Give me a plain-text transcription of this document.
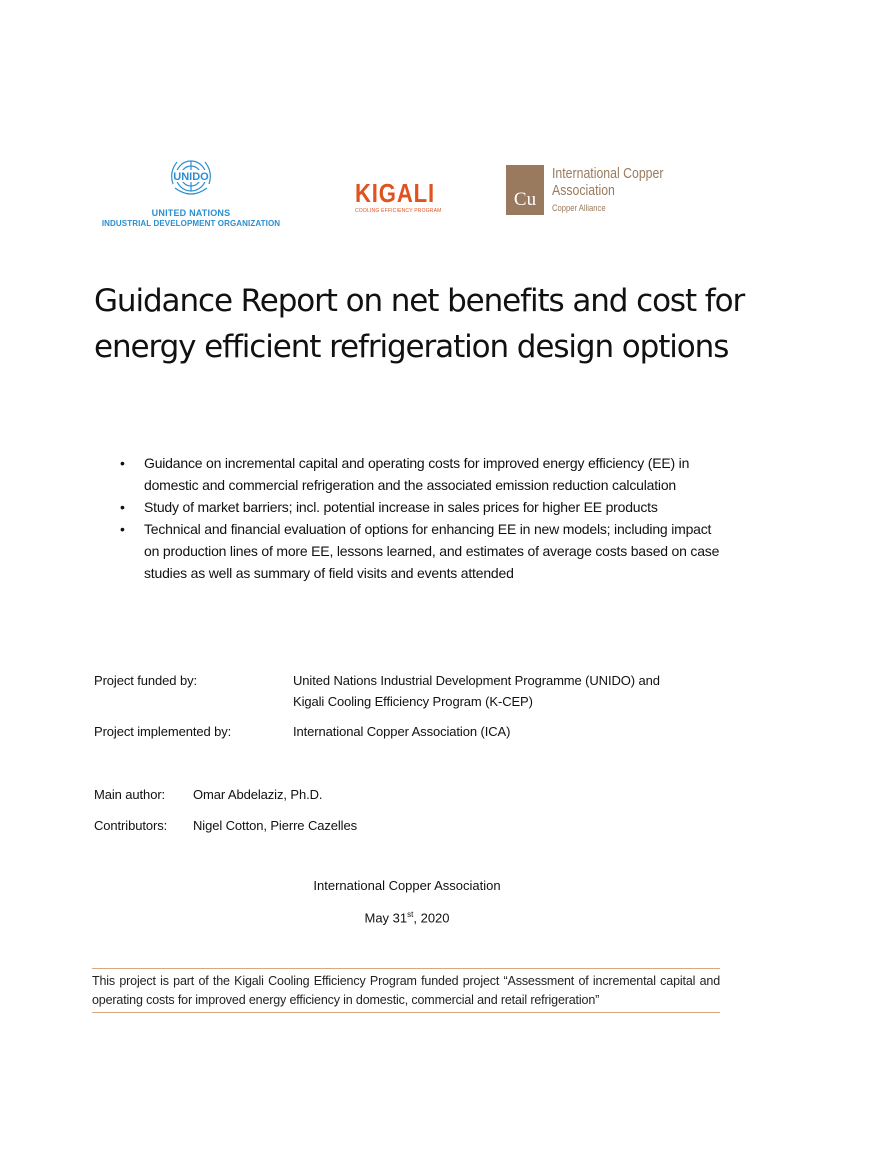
UNIDO
UNITED NATIONS
INDUSTRIAL DEVELOPMENT ORGANIZATION
KIGALI
COOLING EFFICIENCY PROGRAM
Cu
International Copper
Association
Copper Alliance
Guidance Report on net benefits and cost for energy efficient refrigeration design options
• Guidance on incremental capital and operating costs for improved energy efficiency (EE) in domestic and commercial refrigeration and the associated emission reduction calculation
• Study of market barriers; incl. potential increase in sales prices for higher EE products
• Technical and financial evaluation of options for enhancing EE in new models; including impact on production lines of more EE, lessons learned, and estimates of average costs based on case studies as well as summary of field visits and events attended
Project funded by:	United Nations Industrial Development Programme (UNIDO) and
Kigali Cooling Efficiency Program (K-CEP)
Project implemented by:	International Copper Association (ICA)
Main author: Omar Abdelaziz, Ph.D.
Contributors: Nigel Cotton, Pierre Cazelles
International Copper Association
May 31st, 2020
This project is part of the Kigali Cooling Efficiency Program funded project “Assessment of incremental capital and operating costs for improved energy efficiency in domestic, commercial and retail refrigeration”
